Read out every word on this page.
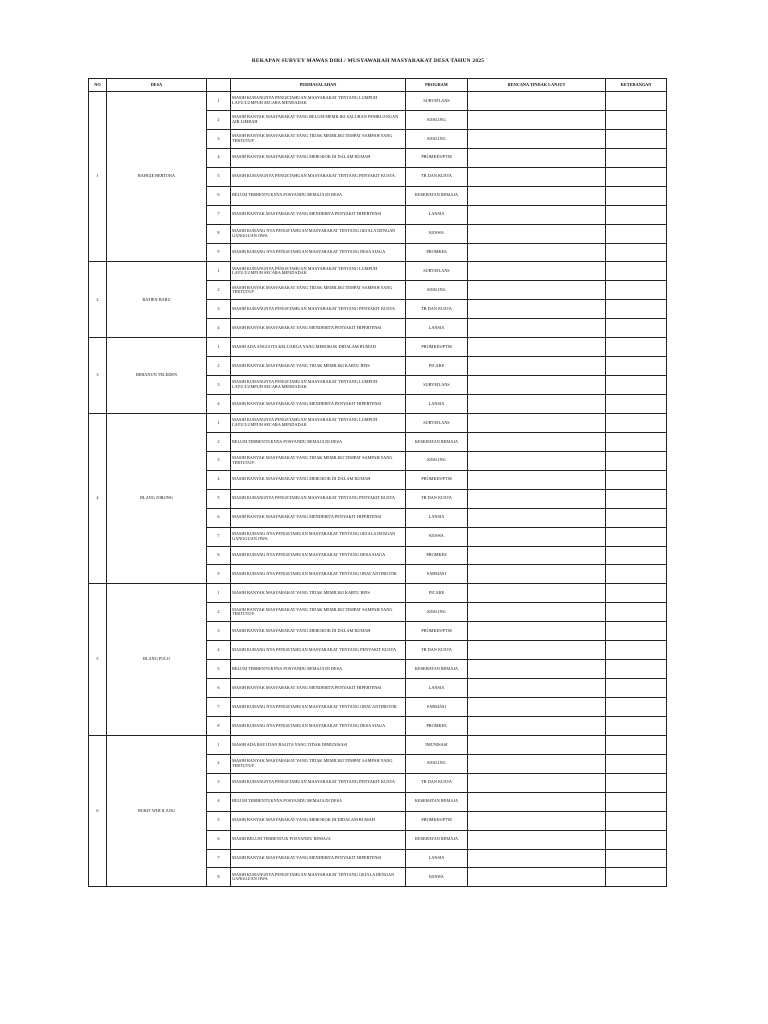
REKAPAN SURVEY MAWAS DIRI / MUSYAWARAH MASYARAKAT DESA TAHUN 2025
NO	DESA		PERMASALAHAN	PROGRAM	RENCANA TINDAK LANJUT	KETERANGAN
1	BAHGIE BERTONA	1	MASIH KURANGNYA PENGETAHUAN MASYARAKAT TENTANG LUMPUH LAYU/LUMPUH SECARA MENDADAK	SURVEILANS		
		2	MASIH BANYAK MASYARAKAT YANG BELUM MEMILIKI SALURAN PEMBUANGAN AIR LIMBAH	KESLING		
		3	MASIH BANYAK MASYARAKAT YANG TIDAK MEMILIKI TEMPAT SAMPAH YANG TERTUTUP	KESLING		
		4	MASIH BANYAK MASYARAKAT YANG MEROKOK DI DALAM RUMAH	PROMKES/PTM		
		5	MASIH KURANGNYA PENGETAHUAN MASYARAKAT TENTANG PENYAKIT KUSTA	TB DAN KUSTA		
		6	BELUM TERBENTUKNYA POSYANDU REMAJA DI DESA	KESEHATAN REMAJA		
		7	MASIH BANYAK MASYARAKAT YANG MENDERITA PENYAKIT HIPERTENSI	LANSIA		
		8	MASIH KURANG NYA PENGETAHUAN MASYARAKAT TENTANG GEJALA DENGAN GANGGUAN JIWA	KESWA		
		9	MASIH KURANG NYA PENGETAHUAN MASYARAKAT TENTANG DESA SIAGA	PROMKES		
2	BATIEN BARU	1	MASIH KURANGNYA PENGETAHUAN MASYARAKAT TENTANG LUMPUH LAYU/LUMPUH SECARA MENDADAK	SURVEILANS		
		2	MASIH BANYAK MASYARAKAT YANG TIDAK MEMILIKI TEMPAT SAMPAH YANG TERTUTUP	KESLING		
		3	MASIH KURANGNYA PENGETAHUAN MASYARAKAT TENTANG PENYAKIT KUSTA	TB DAN KUSTA		
		4	MASIH BANYAK MASYARAKAT YANG MENDERITA PENYAKIT HIPERTENSI	LANSIA		
3	BERANUN TELEDEN	1	MASIH ADA ANGGOTA KELUARGA YANG MEROKOK DIDALAM RUMAH	PROMKES/PTM		
		2	MASIH BANYAK MASYARAKAT YANG TIDAK MEMILIKI KARTU BPJS	PICARE		
		3	MASIH KURANGNYA PENGETAHUAN MASYARAKAT TENTANG LUMPUH LAYU/LUMPUH SECARA MENDADAK	SURVEILANS		
		4	MASIH BANYAK MASYARAKAT YANG MENDERITA PENYAKIT HIPERTENSI	LANSIA		
4	BLANG JORONG	1	MASIH KURANGNYA PENGETAHUAN MASYARAKAT TENTANG LUMPUH LAYU/LUMPUH SECARA MENDADAK	SURVEILANS		
		2	BELUM TERBENTUKNYA POSYANDU REMAJA DI DESA	KESEHATAN REMAJA		
		3	MASIH BANYAK MASYARAKAT YANG TIDAK MEMILIKI TEMPAT SAMPAH YANG TERTUTUP	KESLING		
		4	MASIH BANYAK MASYARAKAT YANG MEROKOK DI DALAM RUMAH	PROMKES/PTM		
		5	MASIH KURANGNYA PENGETAHUAN MASYARAKAT TENTANG PENYAKIT KUSTA	TB DAN KUSTA		
		6	MASIH BANYAK MASYARAKAT YANG MENDERITA PENYAKIT HIPERTENSI	LANSIA		
		7	MASIH KURANG NYA PENGETAHUAN MASYARAKAT TENTANG GEJALA DENGAN GANGGUAN JIWA	KESWA		
		8	MASIH KURANG NYA PENGETAHUAN MASYARAKAT TENTANG DESA SIAGA	PROMKES		
		9	MASIH KURANG NYA PENGETAHUAN MASYARAKAT TENTANG OBAT ANTIBIOTIK	FARMASI		
5	BLANG PULO	1	MASIH BANYAK MASYARAKAT YANG TIDAK MEMILIKI KARTU BPJS	PICARE		
		2	MASIH BANYAK MASYARAKAT YANG TIDAK MEMILIKI TEMPAT SAMPAH YANG TERTUTUP	KESLING		
		3	MASIH BANYAK MASYARAKAT YANG MEROKOK DI DALAM RUMAH	PROMKES/PTM		
		4	MASIH KURANG NYA PENGETAHUAN MASYARAKAT TENTANG PENYAKIT KUSTA	TB DAN KUSTA		
		5	BELUM TERBENTUKNYA POSYANDU REMAJA DI DESA	KESEHATAN REMAJA		
		6	MASIH BANYAK MASYARAKAT YANG MENDERITA PENYAKIT HIPERTENSI	LANSIA		
		7	MASIH KURANG NYA PENGETAHUAN MASYARAKAT TENTANG OBAT ANTIBIOTIK	FARMASI		
		8	MASIH KURANG NYA PENGETAHUAN MASYARAKAT TENTANG DESA SIAGA	PROMKES		
6	BUKIT WIH ILANG	1	MASIH ADA BAYI DAN BALITA YANG TIDAK DIMUNISASI	IMUNISASI		
		2	MASIH BANYAK MASYARAKAT YANG TIDAK MEMILIKI TEMPAT SAMPAH YANG TERTUTUP	KESLING		
		3	MASIH KURANGNYA PENGETAHUAN MASYARAKAT TENTANG PENYAKIT KUSTA	TB DAN KUSTA		
		4	BELUM TERBENTUKNYA POSYANDU REMAJA DI DESA	KESEHATAN REMAJA		
		5	MASIH BANYAK MASYARAKAT YANG MEROKOK DI DIDALAM RUMAH	PROMKES/PTM		
		6	MASIH BELUM TERBENTUK POSYANDU REMAJA	KESEHATAN REMAJA		
		7	MASIH BANYAK MASYARAKAT YANG MENDERITA PENYAKIT HIPERTENSI	LANSIA		
		8	MASIH KURANGNYA PENGETAHUAN MASYARAKAT TENTANG GEJALA DENGAN GANGGUAN JIWA	KESWA		
